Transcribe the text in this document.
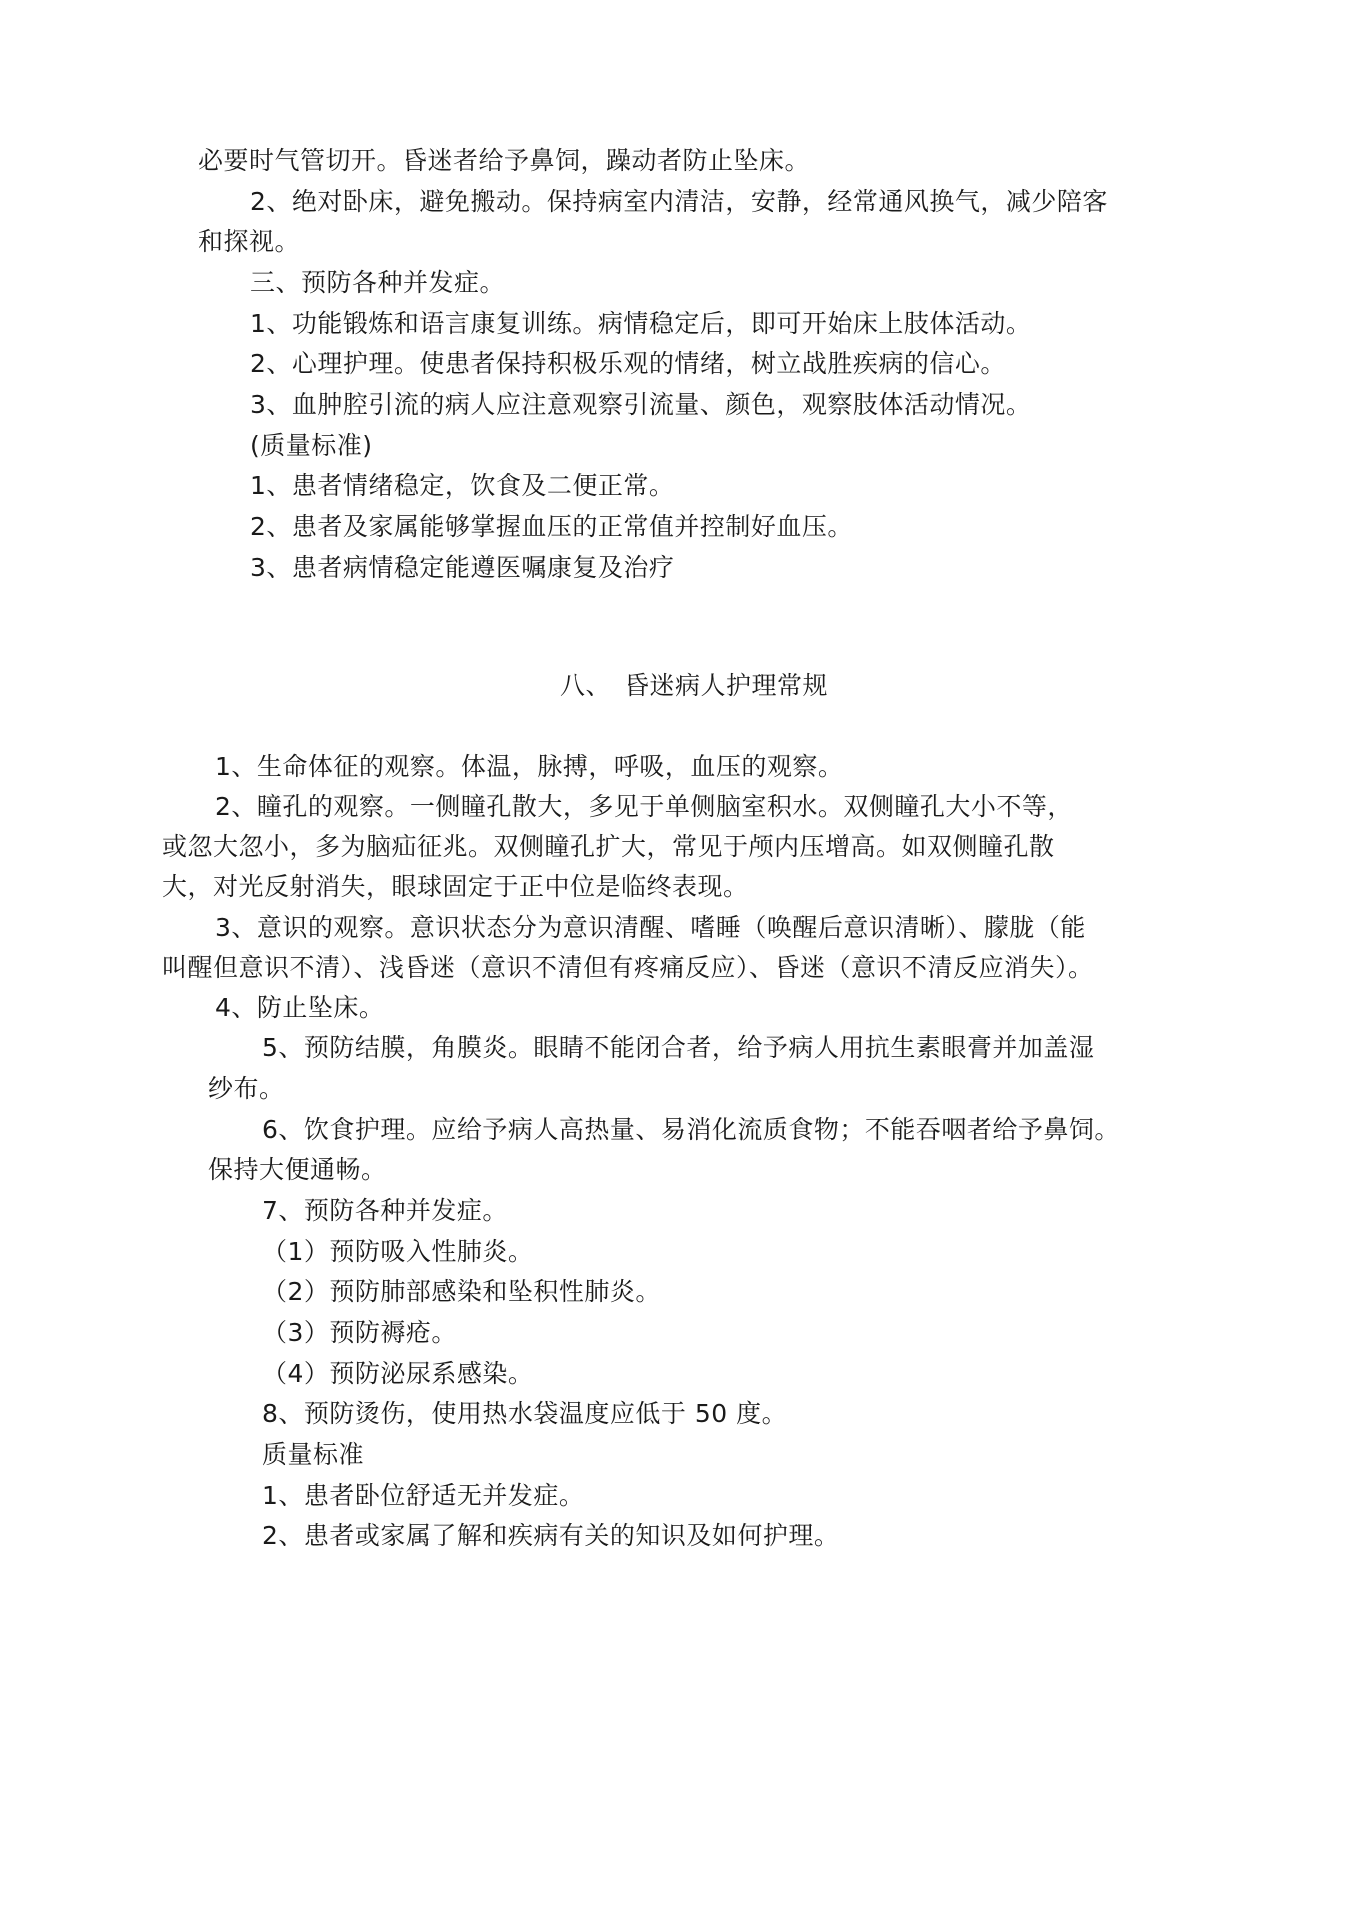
必要时气管切开。昏迷者给予鼻饲，躁动者防止坠床。
2、绝对卧床，避免搬动。保持病室内清洁，安静，经常通风换气，减少陪客
和探视。
三、预防各种并发症。
1、功能锻炼和语言康复训练。病情稳定后，即可开始床上肢体活动。
2、心理护理。使患者保持积极乐观的情绪，树立战胜疾病的信心。
3、血肿腔引流的病人应注意观察引流量、颜色，观察肢体活动情况。
(质量标准)
1、患者情绪稳定，饮食及二便正常。
2、患者及家属能够掌握血压的正常值并控制好血压。
3、患者病情稳定能遵医嘱康复及治疗
八、　昏迷病人护理常规
1、生命体征的观察。体温，脉搏，呼吸，血压的观察。
2、瞳孔的观察。一侧瞳孔散大，多见于单侧脑室积水。双侧瞳孔大小不等，
或忽大忽小，多为脑疝征兆。双侧瞳孔扩大，常见于颅内压增高。如双侧瞳孔散
大，对光反射消失，眼球固定于正中位是临终表现。
3、意识的观察。意识状态分为意识清醒、嗜睡（唤醒后意识清晰）、朦胧（能
叫醒但意识不清）、浅昏迷（意识不清但有疼痛反应）、昏迷（意识不清反应消失）。
4、防止坠床。
5、预防结膜，角膜炎。眼睛不能闭合者，给予病人用抗生素眼膏并加盖湿
纱布。
6、饮食护理。应给予病人高热量、易消化流质食物；不能吞咽者给予鼻饲。
保持大便通畅。
7、预防各种并发症。
（1）预防吸入性肺炎。
（2）预防肺部感染和坠积性肺炎。
（3）预防褥疮。
（4）预防泌尿系感染。
8、预防烫伤，使用热水袋温度应低于 50 度。
质量标准
1、患者卧位舒适无并发症。
2、患者或家属了解和疾病有关的知识及如何护理。
